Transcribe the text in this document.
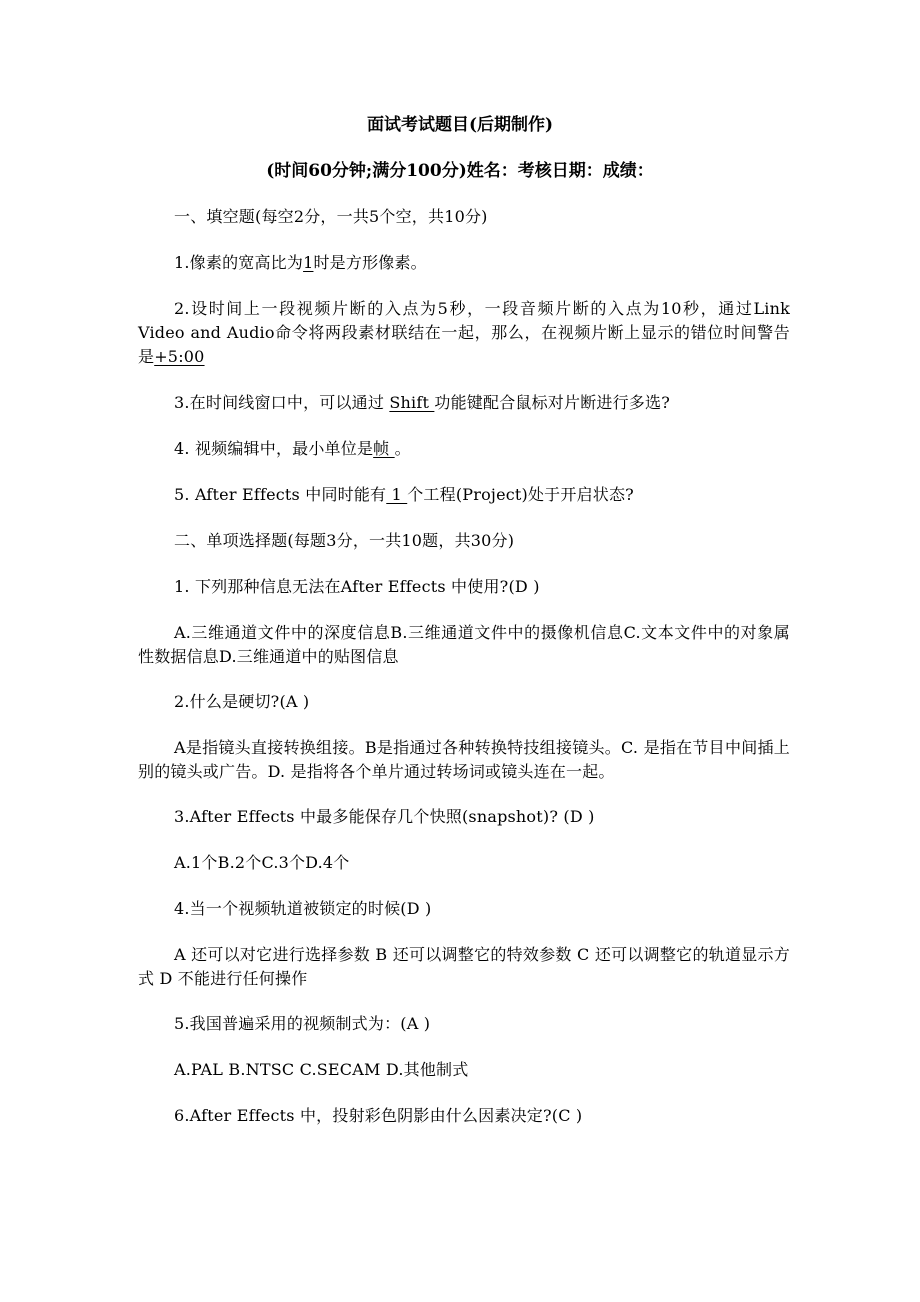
面试考试题目(后期制作)
(时间60分钟;满分100分)姓名：考核日期：成绩：
一、填空题(每空2分，一共5个空，共10分)
1.像素的宽高比为1时是方形像素。
2.设时间上一段视频片断的入点为5秒，一段音频片断的入点为10秒，通过Link Video and Audio命令将两段素材联结在一起，那么，在视频片断上显示的错位时间警告是+5:00
3.在时间线窗口中，可以通过 Shift 功能键配合鼠标对片断进行多选?
4. 视频编辑中，最小单位是帧 。
5. After Effects 中同时能有 1 个工程(Project)处于开启状态?
二、单项选择题(每题3分，一共10题，共30分)
1. 下列那种信息无法在After Effects 中使用?(D )
A.三维通道文件中的深度信息B.三维通道文件中的摄像机信息C.文本文件中的对象属性数据信息D.三维通道中的贴图信息
2.什么是硬切?(A )
A是指镜头直接转换组接。B是指通过各种转换特技组接镜头。C. 是指在节目中间插上别的镜头或广告。D. 是指将各个单片通过转场词或镜头连在一起。
3.After Effects 中最多能保存几个快照(snapshot)? (D )
A.1个B.2个C.3个D.4个
4.当一个视频轨道被锁定的时候(D )
A 还可以对它进行选择参数 B 还可以调整它的特效参数 C 还可以调整它的轨道显示方式 D 不能进行任何操作
5.我国普遍采用的视频制式为：(A )
A.PAL B.NTSC C.SECAM D.其他制式
6.After Effects 中，投射彩色阴影由什么因素决定?(C )
